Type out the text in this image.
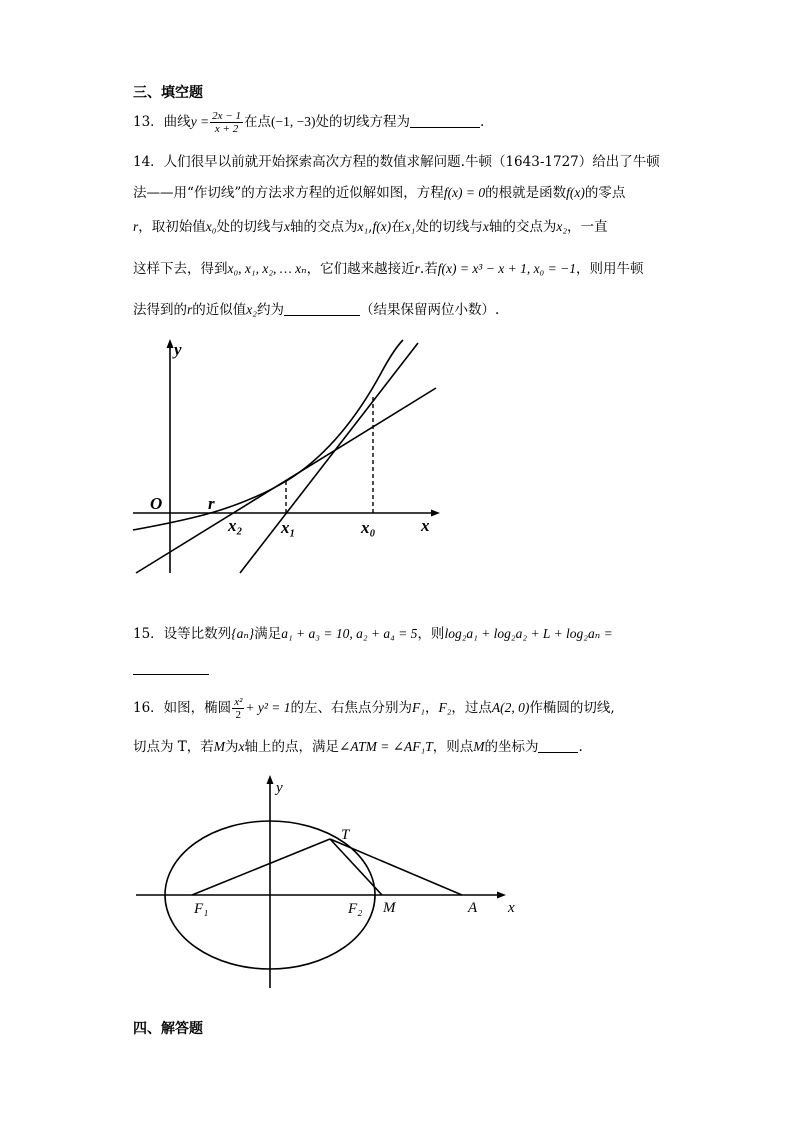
三、填空题
13．曲线$y = \frac{2x - 1}{x + 2}$ 在点(−1, −3)处的切线方程为	.
14．人们很早以前就开始探索高次方程的数值求解问题.牛顿（1643-1727）给出了牛顿
法——用“作切线”的方法求方程的近似解如图，方程f(x) = 0的根就是函数f(x)的零点
r，取初始值x₀处的切线与x轴的交点为x₁,f(x)在x₁处的切线与x轴的交点为x₂，一直
这样下去，得到x₀, x₁, x₂, … xₙ，它们越来越接近r.若f(x) = x³ − x + 1, x₀ = −1，则用牛顿
法得到的r的近似值x₂约为	（结果保留两位小数）.
y
O	r
x₂ x₁	x₀	x
15．设等比数列{aₙ}满足a₁ + a₃ = 10, a₂ + a₄ = 5，则log₂a₁ + log₂a₂ + L + log₂aₙ =
16．如图，椭圆 $\frac{\text{x²}}{2} + y^2 = 1$的左、右焦点分别为F₁，F₂，过点A(2, 0)作椭圆的切线,
切点为 T，若M为x轴上的点，满足∠ATM = ∠AF₁T，则点M的坐标为	.
y
T
F₁	F₂ M	A x
四、解答题
